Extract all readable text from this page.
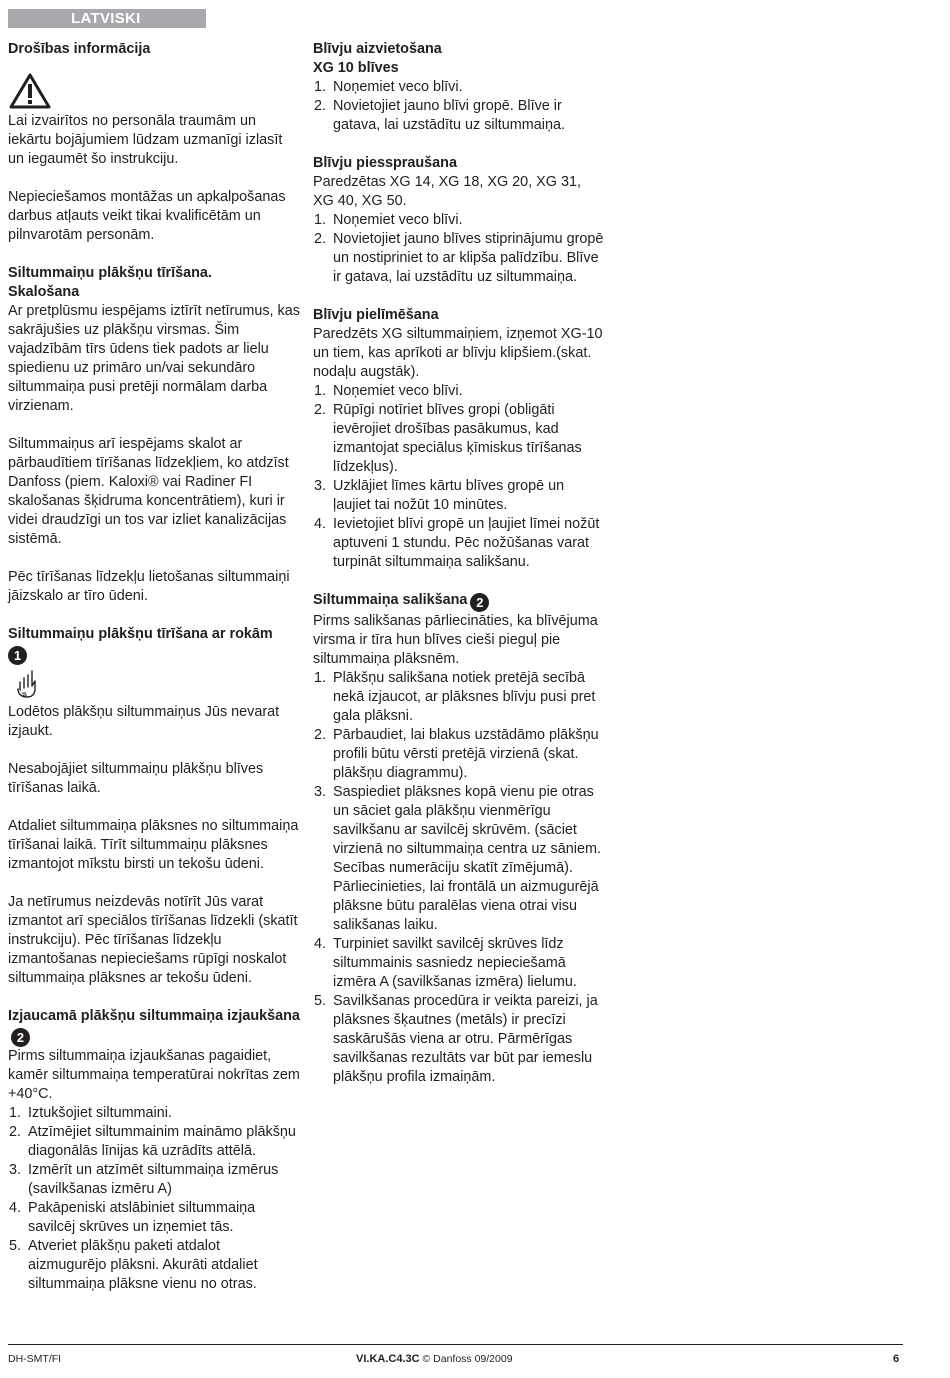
LATVISKI
Drošības informācija

Lai izvairītos no personāla traumām un iekārtu bojājumiem lūdzam uzmanīgi izlasīt un iegaumēt šo instrukciju.

Nepieciešamos montāžas un apkalpošanas darbus atļauts veikt tikai kvalificētām un pilnvarotām personām.

Siltummaiņu plākšņu tīrīšana.
Skalošana

Ar pretplūsmu iespējams iztīrīt netīrumus, kas sakrājušies uz plākšņu virsmas. Šim vajadzībām tīrs ūdens tiek padots ar lielu spiedienu uz primāro un/vai sekundāro siltummaiņa pusi pretēji normālam darba virzienam.

Siltummaiņus arī iespējams skalot ar pārbaudītiem tīrīšanas līdzekļiem, ko atdzīst Danfoss (piem. Kaloxi® vai Radiner FI skalošanas šķidruma koncentrātiem), kuri ir videi draudzīgi un tos var izliet kanalizācijas sistēmā.

Pēc tīrīšanas līdzekļu lietošanas siltummaiņi jāizskalo ar tīro ūdeni.

Siltummaiņu plākšņu tīrīšana ar rokām
1

Lodētos plākšņu siltummaiņus Jūs nevarat izjaukt.

Nesabojājiet siltummaiņu plākšņu blīves tīrīšanas laikā.

Atdaliet siltummaiņa plāksnes no siltummaiņa tīrīšanai laikā. Tīrīt siltummaiņu plāksnes izmantojot mīkstu birsti un tekošu ūdeni.

Ja netīrumus neizdevās notīrīt Jūs varat izmantot arī speciālos tīrīšanas līdzekli (skatīt instrukciju). Pēc tīrīšanas līdzekļu izmantošanas nepieciešams rūpīgi noskalot siltummaiņa plāksnes ar tekošu ūdeni.

Izjaucamā plākšņu siltummaiņa izjaukšana2

Pirms siltummaiņa izjaukšanas pagaidiet, kamēr siltummaiņa temperatūrai nokrītas zem +40°C.

1. Iztukšojiet siltummaini.
2. Atzīmējiet siltummainim maināmo plākšņu diagonālās līnijas kā uzrādīts attēlā.
3. Izmērīt un atzīmēt siltummaiņa izmērus (savilkšanas izmēru A)
4. Pakāpeniski atslābiniet siltummaiņa savilcēj skrūves un izņemiet tās.
5. Atveriet plākšņu paketi atdalot aizmugurējo plāksni. Akurāti atdaliet siltummaiņa plāksne vienu no otras.
Blīvju aizvietošana
XG 10 blīves
1. Noņemiet veco blīvi.
2. Novietojiet jauno blīvi gropē. Blīve ir gatava, lai uzstādītu uz siltummaiņa.
Blīvju piesspraušana

Paredzētas XG 14, XG 18, XG 20, XG 31, XG 40, XG 50.

1. Noņemiet veco blīvi.
2. Novietojiet jauno blīves stiprinājumu gropē un nostipriniet to ar klipša palīdzību. Blīve ir gatava, lai uzstādītu uz siltummaiņa.
Blīvju pielīmēšana

Paredzēts XG siltummaiņiem, izņemot XG-10 un tiem, kas aprīkoti ar blīvju klipšiem.(skat. nodaļu augstāk).

1. Noņemiet veco blīvi.
2. Rūpīgi notīriet blīves gropi (obligāti ievērojiet drošības pasākumus, kad izmantojat speciālus ķīmiskus tīrīšanas līdzekļus).
3. Uzklājiet līmes kārtu blīves gropē un ļaujiet tai nožūt 10 minūtes.
4. Ievietojiet blīvi gropē un ļaujiet līmei nožūt aptuveni 1 stundu. Pēc nožūšanas varat turpināt siltummaiņa salikšanu.
Siltummaiņa salikšana 2

Pirms salikšanas pārliecināties, ka blīvējuma virsma ir tīra hun blīves cieši pieguļ pie siltummaiņa plāksnēm.

1. Plākšņu salikšana notiek pretējā secībā nekā izjaucot, ar plāksnes blīvju pusi pret gala plāksni.
2. Pārbaudiet, lai blakus uzstādāmo plākšņu profili būtu vērsti pretējā virzienā (skat. plākšņu diagrammu).
3. Saspiediet plāksnes kopā vienu pie otras un sāciet gala plākšņu vienmērīgu savilkšanu ar savilcēj skrūvēm. (sāciet virzienā no siltummaiņa centra uz sāniem. Secības numerāciju skatīt zīmējumā). Pārliecinieties, lai frontālā un aizmugurējā plāksne būtu paralēlas viena otrai visu salikšanas laiku.
4. Turpiniet savilkt savilcēj skrūves līdz siltummainis sasniedz nepieciešamā izmēra A (savilkšanas izmēra) lielumu.
5. Savilkšanas procedūra ir veikta pareizi, ja plāksnes šķautnes (metāls) ir precīzi saskārušās viena ar otru. Pārmērīgas savilkšanas rezultāts var būt par iemeslu plākšņu profila izmaiņām.
DH-SMT/FI	VI.KA.C4.3C © Danfoss 09/2009	6
